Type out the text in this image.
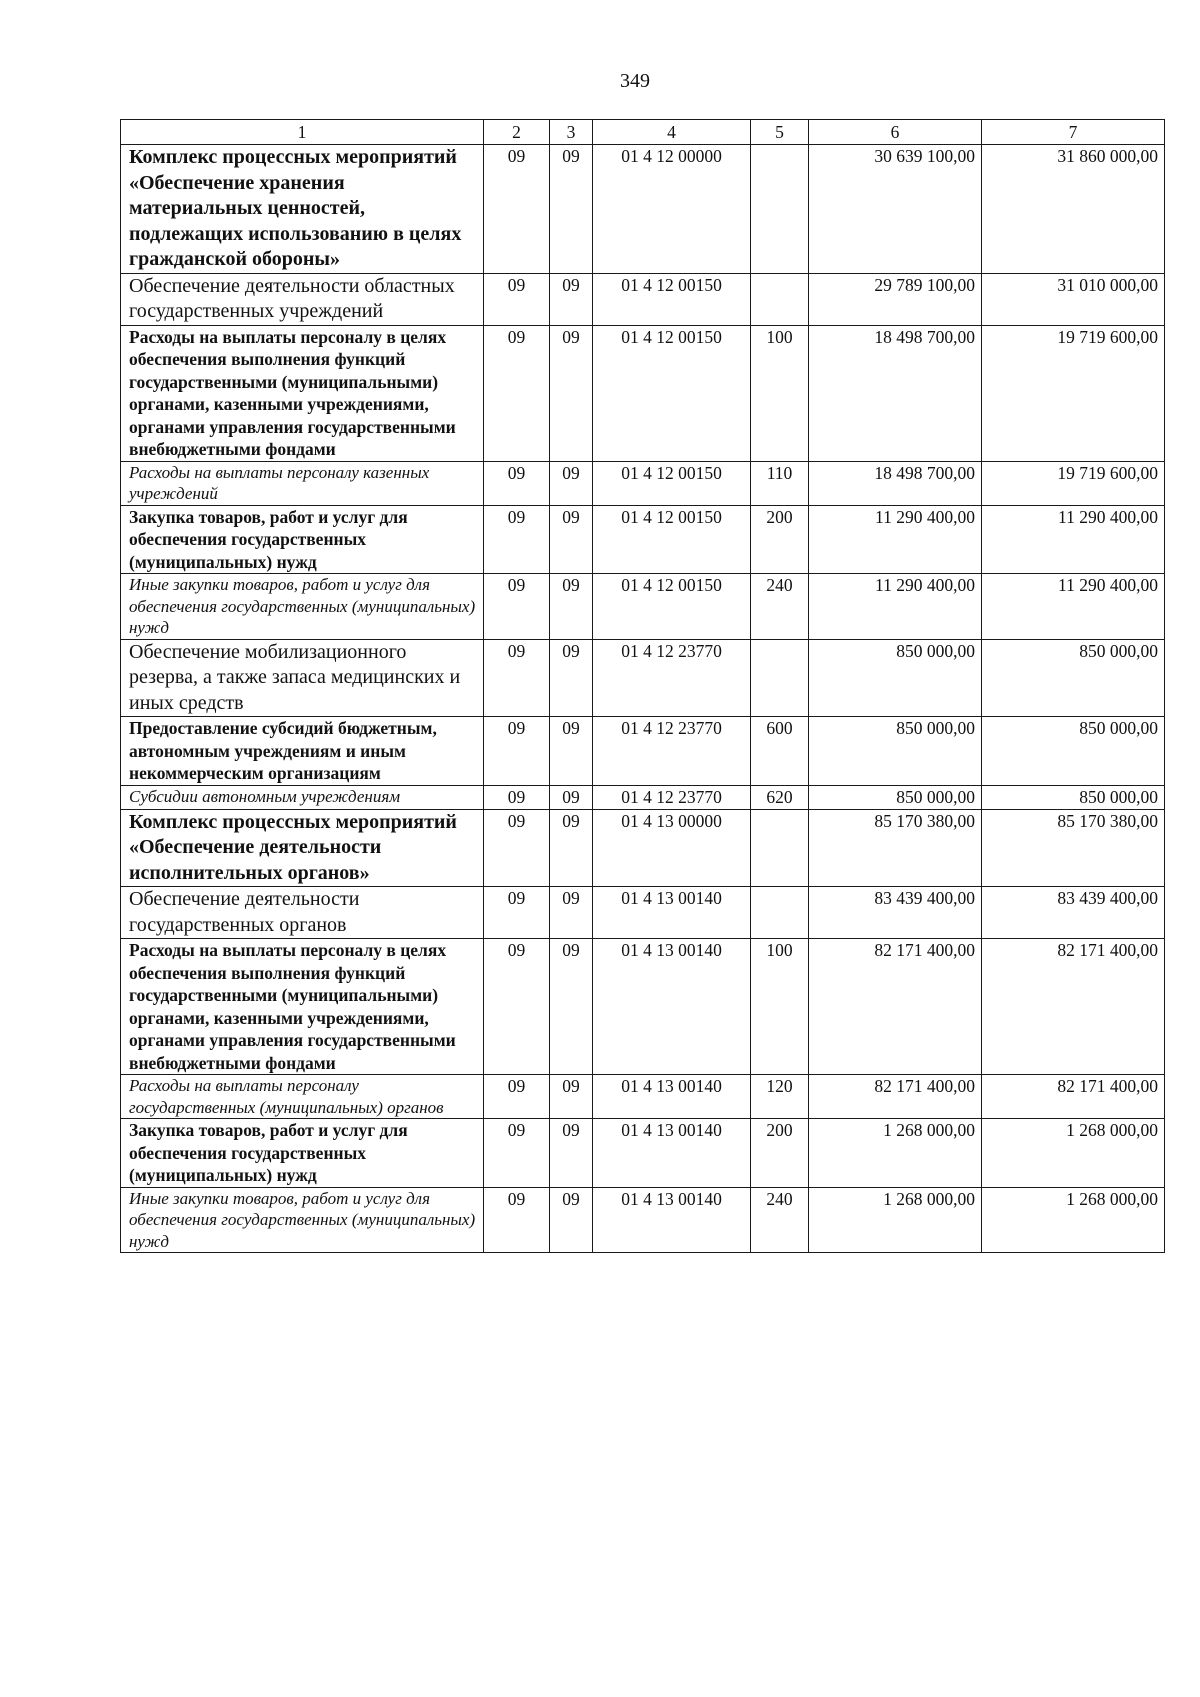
349
1	2	3	4	5	6	7
Комплекс процессных мероприятий «Обеспечение хранения материальных ценностей, подлежащих использованию в целях гражданской обороны»	09	09	01 4 12 00000		30 639 100,00	31 860 000,00
Обеспечение деятельности областных государственных учреждений	09	09	01 4 12 00150		29 789 100,00	31 010 000,00
Расходы на выплаты персоналу в целях обеспечения выполнения функций государственными (муниципальными) органами, казенными учреждениями, органами управления государственными внебюджетными фондами	09	09	01 4 12 00150	100	18 498 700,00	19 719 600,00
Расходы на выплаты персоналу казенных учреждений	09	09	01 4 12 00150	110	18 498 700,00	19 719 600,00
Закупка товаров, работ и услуг для обеспечения государственных (муниципальных) нужд	09	09	01 4 12 00150	200	11 290 400,00	11 290 400,00
Иные закупки товаров, работ и услуг для обеспечения государственных (муниципальных) нужд	09	09	01 4 12 00150	240	11 290 400,00	11 290 400,00
Обеспечение мобилизационного резерва, а также запаса медицинских и иных средств	09	09	01 4 12 23770		850 000,00	850 000,00
Предоставление субсидий бюджетным, автономным учреждениям и иным некоммерческим организациям	09	09	01 4 12 23770	600	850 000,00	850 000,00
Субсидии автономным учреждениям	09	09	01 4 12 23770	620	850 000,00	850 000,00
Комплекс процессных мероприятий «Обеспечение деятельности исполнительных органов»	09	09	01 4 13 00000		85 170 380,00	85 170 380,00
Обеспечение деятельности государственных органов	09	09	01 4 13 00140		83 439 400,00	83 439 400,00
Расходы на выплаты персоналу в целях обеспечения выполнения функций государственными (муниципальными) органами, казенными учреждениями, органами управления государственными внебюджетными фондами	09	09	01 4 13 00140	100	82 171 400,00	82 171 400,00
Расходы на выплаты персоналу государственных (муниципальных) органов	09	09	01 4 13 00140	120	82 171 400,00	82 171 400,00
Закупка товаров, работ и услуг для обеспечения государственных (муниципальных) нужд	09	09	01 4 13 00140	200	1 268 000,00	1 268 000,00
Иные закупки товаров, работ и услуг для обеспечения государственных (муниципальных) нужд	09	09	01 4 13 00140	240	1 268 000,00	1 268 000,00
